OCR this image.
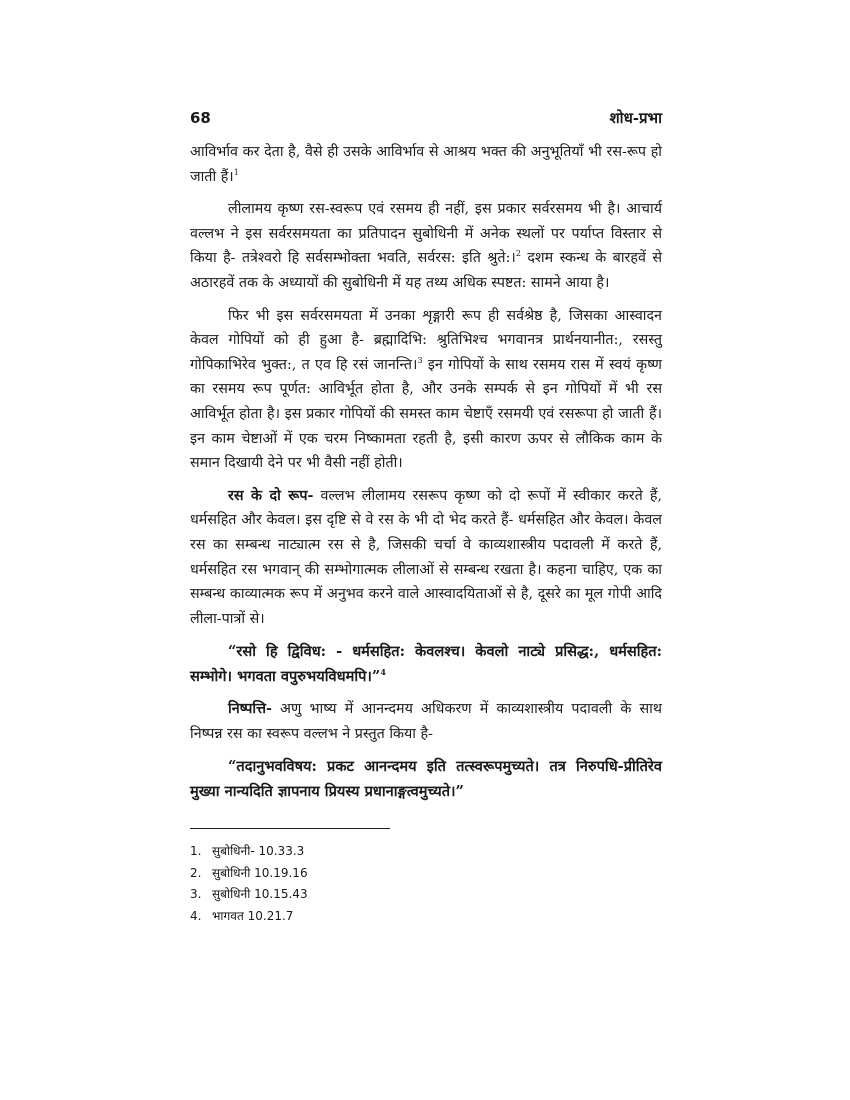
68	शोध-प्रभा

आविर्भाव कर देता है, वैसे ही उसके आविर्भाव से आश्रय भक्त की अनुभूतियाँ भी रस-रूप हो जाती हैं।$^1$

लीलामय कृष्ण रस-स्वरूप एवं रसमय ही नहीं, इस प्रकार सर्वरसमय भी है। आचार्य वल्लभ ने इस सर्वरसमयता का प्रतिपादन सुबोधिनी में अनेक स्थलों पर पर्याप्त विस्तार से किया है- तत्रेश्वरो हि सर्वसम्भोक्ता भवति, सर्वरस: इति श्रुते:।$^2$ दशम स्कन्ध के बारहवें से अठारहवें तक के अध्यायों की सुबोधिनी में यह तथ्य अधिक स्पष्टत: सामने आया है।

फिर भी इस सर्वरसमयता में उनका शृङ्गारी रूप ही सर्वश्रेष्ठ है, जिसका आस्वादन केवल गोपियों को ही हुआ है- ब्रह्मादिभि: श्रुतिभिश्च भगवानत्र प्रार्थनयानीत:, रसस्तु गोपिकाभिरेव भुक्त:, त एव हि रसं जानन्ति।$^3$ इन गोपियों के साथ रसमय रास में स्वयं कृष्ण का रसमय रूप पूर्णत: आविर्भूत होता है, और उनके सम्पर्क से इन गोपियों में भी रस आविर्भूत होता है। इस प्रकार गोपियों की समस्त काम चेष्टाएँ रसमयी एवं रसरूपा हो जाती हैं। इन काम चेष्टाओं में एक चरम निष्कामता रहती है, इसी कारण ऊपर से लौकिक काम के समान दिखायी देने पर भी वैसी नहीं होती।

रस के दो रूप- वल्लभ लीलामय रसरूप कृष्ण को दो रूपों में स्वीकार करते हैं, धर्मसहित और केवल। इस दृष्टि से वे रस के भी दो भेद करते हैं- धर्मसहित और केवल। केवल रस का सम्बन्ध नाट्यात्म रस से है, जिसकी चर्चा वे काव्यशास्त्रीय पदावली में करते हैं, धर्मसहित रस भगवान् की सम्भोगात्मक लीलाओं से सम्बन्ध रखता है। कहना चाहिए, एक का सम्बन्ध काव्यात्मक रूप में अनुभव करने वाले आस्वादयिताओं से है, दूसरे का मूल गोपी आदि लीला-पात्रों से।

“रसो हि द्विविध: - धर्मसहित: केवलश्च। केवलो नाट्ये प्रसिद्ध:, धर्मसहित: सम्भोगे। भगवता वपुरुभयविधमपि।”$^4$

निष्पत्ति- अणु भाष्य में आनन्दमय अधिकरण में काव्यशास्त्रीय पदावली के साथ निष्पन्न रस का स्वरूप वल्लभ ने प्रस्तुत किया है-

“तदानुभवविषय: प्रकट आनन्दमय इति तत्स्वरूपमुच्यते। तत्र निरुपधि-प्रीतिरेव मुख्या नान्यदिति ज्ञापनाय प्रियस्य प्रधानाङ्गत्वमुच्यते।”

1. सुबोधिनी- 10.33.3
2. सुबोधिनी 10.19.16
3. सुबोधिनी 10.15.43
4. भागवत 10.21.7
